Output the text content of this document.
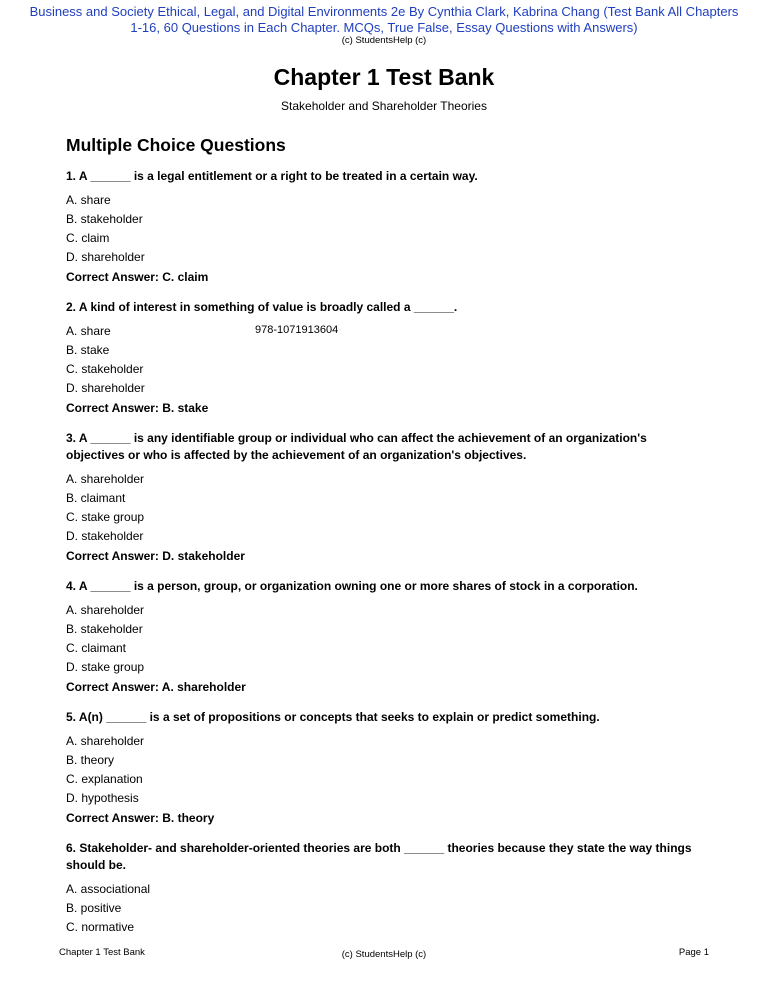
Business and Society Ethical, Legal, and Digital Environments 2e By Cynthia Clark, Kabrina Chang (Test Bank All Chapters
1-16, 60 Questions in Each Chapter. MCQs, True False, Essay Questions with Answers)
(c) StudentsHelp (c)
Chapter 1 Test Bank
Stakeholder and Shareholder Theories
Multiple Choice Questions
978-1071913604
1. A ______ is a legal entitlement or a right to be treated in a certain way.
A. share
B. stakeholder
C. claim
D. shareholder
Correct Answer: C. claim
2. A kind of interest in something of value is broadly called a ______.
A. share
B. stake
C. stakeholder
D. shareholder
Correct Answer: B. stake
3. A ______ is any identifiable group or individual who can affect the achievement of an organization's objectives or who is affected by the achievement of an organization's objectives.
A. shareholder
B. claimant
C. stake group
D. stakeholder
Correct Answer: D. stakeholder
4. A ______ is a person, group, or organization owning one or more shares of stock in a corporation.
A. shareholder
B. stakeholder
C. claimant
D. stake group
Correct Answer: A. shareholder
5. A(n) ______ is a set of propositions or concepts that seeks to explain or predict something.
A. shareholder
B. theory
C. explanation
D. hypothesis
Correct Answer: B. theory
6. Stakeholder- and shareholder-oriented theories are both ______ theories because they state the way things should be.
A. associational
B. positive
C. normative
Chapter 1 Test Bank	(c) StudentsHelp (c)	Page 1
